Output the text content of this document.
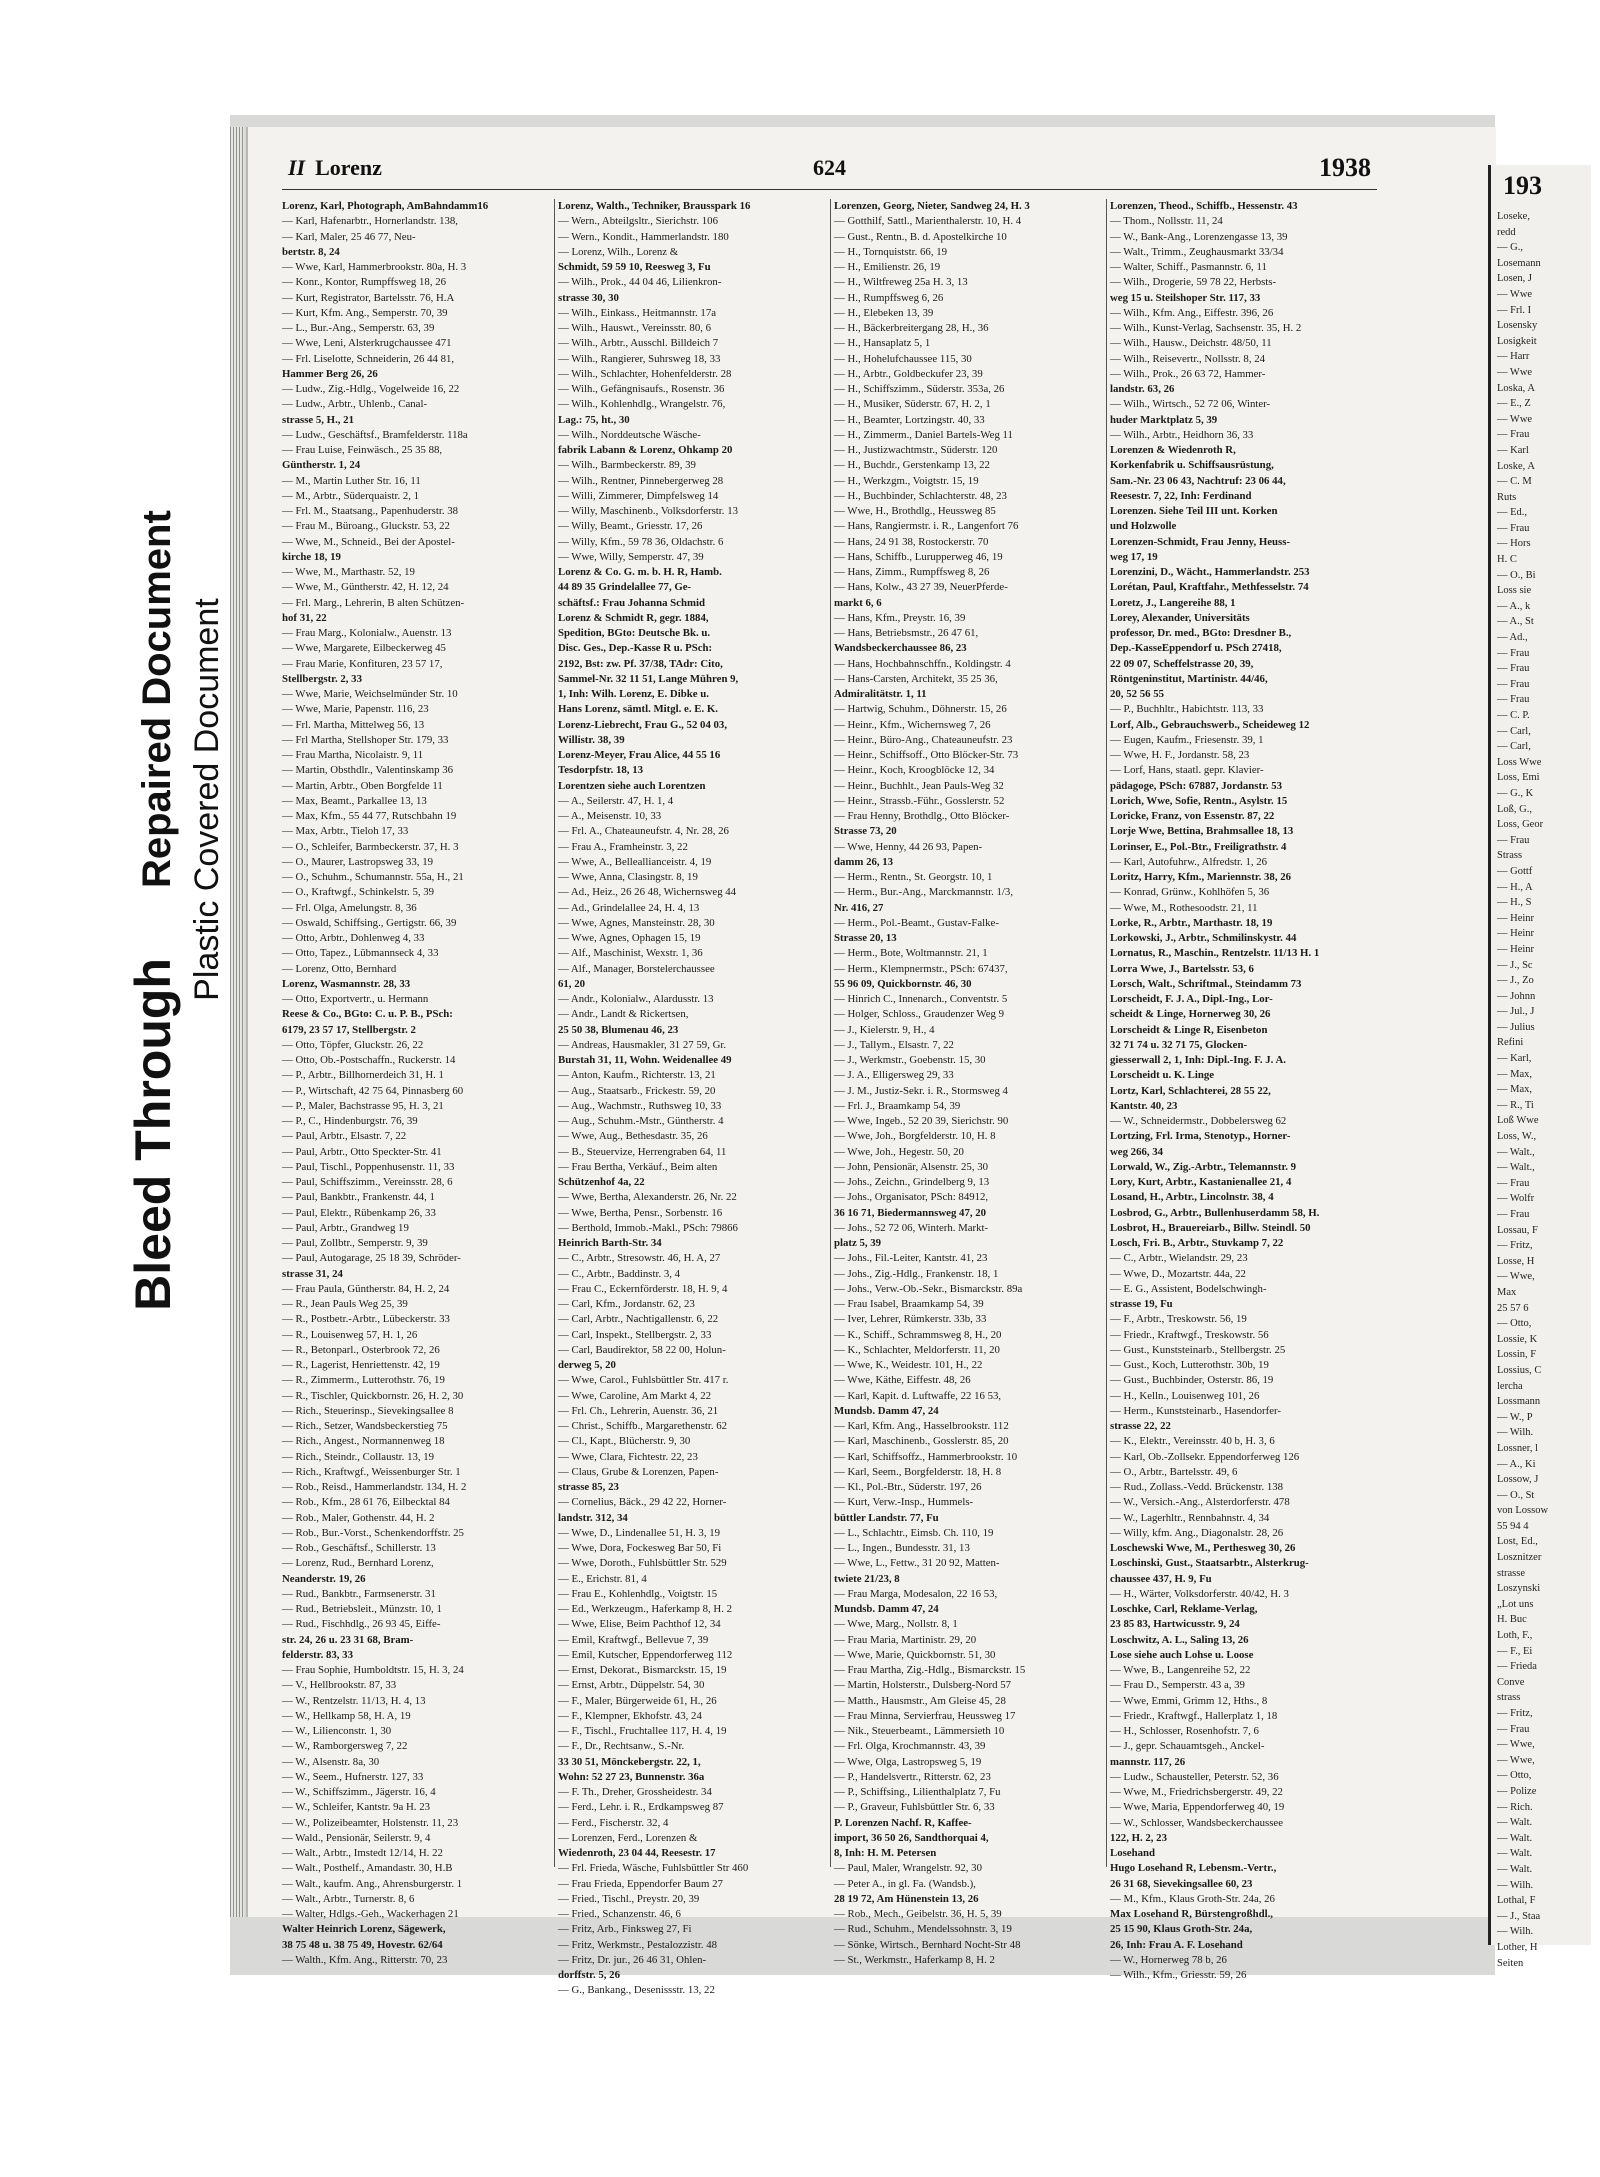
Bleed Through
Repaired Document Plastic Covered Document
II Lorenz	624	1938
Lorenz, Karl, Photograph, AmBahndamm16
— Karl, Hafenarbtr., Hornerlandstr. 138,
— Karl, Maler, 25 46 77, Neu-
bertstr. 8, 24
— Wwe, Karl, Hammerbrookstr. 80a, H. 3
— Konr., Kontor, Rumpffsweg 18, 26
— Kurt, Registrator, Bartelsstr. 76, H.A
— Kurt, Kfm. Ang., Semperstr. 70, 39
— L., Bur.-Ang., Semperstr. 63, 39
— Wwe, Leni, Alsterkrugchaussee 471
— Frl. Liselotte, Schneiderin, 26 44 81,
Hammer Berg 26, 26
— Ludw., Zig.-Hdlg., Vogelweide 16, 22
— Ludw., Arbtr., Uhlenb., Canal-
strasse 5, H., 21
— Ludw., Geschäftsf., Bramfelderstr. 118a
— Frau Luise, Feinwäsch., 25 35 88,
Güntherstr. 1, 24
— M., Martin Luther Str. 16, 11
— M., Arbtr., Süderquaistr. 2, 1
— Frl. M., Staatsang., Papenhuderstr. 38
— Frau M., Büroang., Gluckstr. 53, 22
— Wwe, M., Schneid., Bei der Apostel-
kirche 18, 19
— Wwe, M., Marthastr. 52, 19
— Wwe, M., Güntherstr. 42, H. 12, 24
— Frl. Marg., Lehrerin, B alten Schützen-
hof 31, 22
— Frau Marg., Kolonialw., Auenstr. 13
— Wwe, Margarete, Eilbeckerweg 45
— Frau Marie, Konfituren, 23 57 17,
Stellbergstr. 2, 33
— Wwe, Marie, Weichselmünder Str. 10
— Wwe, Marie, Papenstr. 116, 23
— Frl. Martha, Mittelweg 56, 13
— Frl Martha, Stellshoper Str. 179, 33
— Frau Martha, Nicolaistr. 9, 11
— Martin, Obsthdlr., Valentinskamp 36
— Martin, Arbtr., Oben Borgfelde 11
— Max, Beamt., Parkallee 13, 13
— Max, Kfm., 55 44 77, Rutschbahn 19
— Max, Arbtr., Tieloh 17, 33
— O., Schleifer, Barmbeckerstr. 37, H. 3
— O., Maurer, Lastropsweg 33, 19
— O., Schuhm., Schumannstr. 55a, H., 21
— O., Kraftwgf., Schinkelstr. 5, 39
— Frl. Olga, Amelungstr. 8, 36
— Oswald, Schiffsing., Gertigstr. 66, 39
— Otto, Arbtr., Dohlenweg 4, 33
— Otto, Tapez., Lübmannseck 4, 33
— Lorenz, Otto, Bernhard
Lorenz, Wasmannstr. 28, 33
— Otto, Exportvertr., u. Hermann
Reese & Co., BGto: C. u. P. B., PSch:
6179, 23 57 17, Stellbergstr. 2
— Otto, Töpfer, Gluckstr. 26, 22
— Otto, Ob.-Postschaffn., Ruckerstr. 14
— P., Arbtr., Billhornerdeich 31, H. 1
— P., Wirtschaft, 42 75 64, Pinnasberg 60
— P., Maler, Bachstrasse 95, H. 3, 21
— P., C., Hindenburgstr. 76, 39
— Paul, Arbtr., Elsastr. 7, 22
— Paul, Arbtr., Otto Speckter-Str. 41
— Paul, Tischl., Poppenhusenstr. 11, 33
— Paul, Schiffszimm., Vereinsstr. 28, 6
— Paul, Bankbtr., Frankenstr. 44, 1
— Paul, Elektr., Rübenkamp 26, 33
— Paul, Arbtr., Grandweg 19
— Paul, Zollbtr., Semperstr. 9, 39
— Paul, Autogarage, 25 18 39, Schröder-
strasse 31, 24
— Frau Paula, Güntherstr. 84, H. 2, 24
— R., Jean Pauls Weg 25, 39
— R., Postbetr.-Arbtr., Lübeckerstr. 33
— R., Louisenweg 57, H. 1, 26
— R., Betonparl., Osterbrook 72, 26
— R., Lagerist, Henriettenstr. 42, 19
— R., Zimmerm., Lutterothstr. 76, 19
— R., Tischler, Quickbornstr. 26, H. 2, 30
— Rich., Steuerinsp., Sievekingsallee 8
— Rich., Setzer, Wandsbeckerstieg 75
— Rich., Angest., Normannenweg 18
— Rich., Steindr., Collaustr. 13, 19
— Rich., Kraftwgf., Weissenburger Str. 1
— Rob., Reisd., Hammerlandstr. 134, H. 2
— Rob., Kfm., 28 61 76, Eilbecktal 84
— Rob., Maler, Gothenstr. 44, H. 2
— Rob., Bur.-Vorst., Schenkendorffstr. 25
— Rob., Geschäftsf., Schillerstr. 13
— Lorenz, Rud., Bernhard Lorenz,
Neanderstr. 19, 26
— Rud., Bankbtr., Farmsenerstr. 31
— Rud., Betriebsleit., Münzstr. 10, 1
— Rud., Fischhdlg., 26 93 45, Eiffe-
str. 24, 26 u. 23 31 68, Bram-
felderstr. 83, 33
— Frau Sophie, Humboldtstr. 15, H. 3, 24
— V., Hellbrookstr. 87, 33
— W., Rentzelstr. 11/13, H. 4, 13
— W., Hellkamp 58, H. A, 19
— W., Lilienconstr. 1, 30
— W., Ramborgersweg 7, 22
— W., Alsenstr. 8a, 30
— W., Seem., Hufnerstr. 127, 33
— W., Schiffszimm., Jägerstr. 16, 4
— W., Schleifer, Kantstr. 9a H. 23
— W., Polizeibeamter, Holstenstr. 11, 23
— Wald., Pensionär, Seilerstr. 9, 4
— Walt., Arbtr., Imstedt 12/14, H. 22
— Walt., Posthelf., Amandastr. 30, H.B
— Walt., kaufm. Ang., Ahrensburgerstr. 1
— Walt., Arbtr., Turnerstr. 8, 6
— Walter, Hdlgs.-Geh., Wackerhagen 21
Walter Heinrich Lorenz, Sägewerk,
38 75 48 u. 38 75 49, Hovestr. 62/64
— Walth., Kfm. Ang., Ritterstr. 70, 23
Lorenz, Walth., Techniker, Brausspark 16
— Wern., Abteilgsltr., Sierichstr. 106
— Wern., Kondit., Hammerlandstr. 180
— Lorenz, Wilh., Lorenz &
Schmidt, 59 59 10, Reesweg 3, Fu
— Wilh., Prok., 44 04 46, Lilienkron-
strasse 30, 30
— Wilh., Einkass., Heitmannstr. 17a
— Wilh., Hauswt., Vereinsstr. 80, 6
— Wilh., Arbtr., Ausschl. Billdeich 7
— Wilh., Rangierer, Suhrsweg 18, 33
— Wilh., Schlachter, Hohenfelderstr. 28
— Wilh., Gefängnisaufs., Rosenstr. 36
— Wilh., Kohlenhdlg., Wrangelstr. 76,
Lag.: 75, ht., 30
— Wilh., Norddeutsche Wäsche-
fabrik Labann & Lorenz, Ohkamp 20
— Wilh., Barmbeckerstr. 89, 39
— Wilh., Rentner, Pinnebergerweg 28
— Willi, Zimmerer, Dimpfelsweg 14
— Willy, Maschinenb., Volksdorferstr. 13
— Willy, Beamt., Griesstr. 17, 26
— Willy, Kfm., 59 78 36, Oldachstr. 6
— Wwe, Willy, Semperstr. 47, 39
Lorenz & Co. G. m. b. H. R, Hamb.
44 89 35 Grindelallee 77, Ge-
schäftsf.: Frau Johanna Schmid
Lorenz & Schmidt R, gegr. 1884,
Spedition, BGto: Deutsche Bk. u.
Disc. Ges., Dep.-Kasse R u. PSch:
2192, Bst: zw. Pf. 37/38, TAdr: Cito,
Sammel-Nr. 32 11 51, Lange Mühren 9,
1, Inh: Wilh. Lorenz, E. Dibke u.
Hans Lorenz, sämtl. Mitgl. e. E. K.
Lorenz-Liebrecht, Frau G., 52 04 03,
Willistr. 38, 39
Lorenz-Meyer, Frau Alice, 44 55 16
Tesdorpfstr. 18, 13
Lorentzen siehe auch Lorentzen
— A., Seilerstr. 47, H. 1, 4
— A., Meisenstr. 10, 33
— Frl. A., Chateauneufstr. 4, Nr. 28, 26
— Frau A., Framheinstr. 3, 22
— Wwe, A., Belleallianceistr. 4, 19
— Wwe, Anna, Clasingstr. 8, 19
— Ad., Heiz., 26 26 48, Wichernsweg 44
— Ad., Grindelallee 24, H. 4, 13
— Wwe, Agnes, Mansteinstr. 28, 30
— Wwe, Agnes, Ophagen 15, 19
— Alf., Maschinist, Wexstr. 1, 36
— Alf., Manager, Borstelerchaussee
61, 20
— Andr., Kolonialw., Alardusstr. 13
— Andr., Landt & Rickertsen,
25 50 38, Blumenau 46, 23
— Andreas, Hausmakler, 31 27 59, Gr.
Burstah 31, 11, Wohn. Weidenallee 49
— Anton, Kaufm., Richterstr. 13, 21
— Aug., Staatsarb., Frickestr. 59, 20
— Aug., Wachmstr., Ruthsweg 10, 33
— Aug., Schuhm.-Mstr., Güntherstr. 4
— Wwe, Aug., Bethesdastr. 35, 26
— B., Steuervize, Herrengraben 64, 11
— Frau Bertha, Verkäuf., Beim alten
Schützenhof 4a, 22
— Wwe, Bertha, Alexanderstr. 26, Nr. 22
— Wwe, Bertha, Pensr., Sorbenstr. 16
— Berthold, Immob.-Makl., PSch: 79866
Heinrich Barth-Str. 34
— C., Arbtr., Stresowstr. 46, H. A, 27
— C., Arbtr., Baddinstr. 3, 4
— Frau C., Eckernförderstr. 18, H. 9, 4
— Carl, Kfm., Jordanstr. 62, 23
— Carl, Arbtr., Nachtigallenstr. 6, 22
— Carl, Inspekt., Stellbergstr. 2, 33
— Carl, Baudirektor, 58 22 00, Holun-
derweg 5, 20
— Wwe, Carol., Fuhlsbüttler Str. 417 r.
— Wwe, Caroline, Am Markt 4, 22
— Frl. Ch., Lehrerin, Auenstr. 36, 21
— Christ., Schiffb., Margarethenstr. 62
— Cl., Kapt., Blücherstr. 9, 30
— Wwe, Clara, Fichtestr. 22, 23
— Claus, Grube & Lorenzen, Papen-
strasse 85, 23
— Cornelius, Bäck., 29 42 22, Horner-
landstr. 312, 34
— Wwe, D., Lindenallee 51, H. 3, 19
— Wwe, Dora, Fockesweg Bar 50, Fi
— Wwe, Doroth., Fuhlsbüttler Str. 529
— E., Erichstr. 81, 4
— Frau E., Kohlenhdlg., Voigtstr. 15
— Ed., Werkzeugm., Haferkamp 8, H. 2
— Wwe, Elise, Beim Pachthof 12, 34
— Emil, Kraftwgf., Bellevue 7, 39
— Emil, Kutscher, Eppendorferweg 112
— Ernst, Dekorat., Bismarckstr. 15, 19
— Ernst, Arbtr., Düppelstr. 54, 30
— F., Maler, Bürgerweide 61, H., 26
— F., Klempner, Ekhofstr. 43, 24
— F., Tischl., Fruchtallee 117, H. 4, 19
— F., Dr., Rechtsanw., S.-Nr.
33 30 51, Mönckebergstr. 22, 1,
Wohn: 52 27 23, Bunnenstr. 36a
— F. Th., Dreher, Grossheidestr. 34
— Ferd., Lehr. i. R., Erdkampsweg 87
— Ferd., Fischerstr. 32, 4
— Lorenzen, Ferd., Lorenzen &
Wiedenroth, 23 04 44, Reesestr. 17
— Frl. Frieda, Wäsche, Fuhlsbüttler Str 460
— Frau Frieda, Eppendorfer Baum 27
— Fried., Tischl., Preystr. 20, 39
— Fried., Schanzenstr. 46, 6
— Fritz, Arb., Finksweg 27, Fi
— Fritz, Werkmstr., Pestalozzistr. 48
— Fritz, Dr. jur., 26 46 31, Ohlen-
dorffstr. 5, 26
— G., Bankang., Desenissstr. 13, 22
Lorenzen, Georg, Nieter, Sandweg 24, H. 3
— Gotthilf, Sattl., Marienthalerstr. 10, H. 4
— Gust., Rentn., B. d. Apostelkirche 10
— H., Tornquiststr. 66, 19
— H., Emilienstr. 26, 19
— H., Wiltfreweg 25a H. 3, 13
— H., Rumpffsweg 6, 26
— H., Elebeken 13, 39
— H., Bäckerbreitergang 28, H., 36
— H., Hansaplatz 5, 1
— H., Hohelufchaussee 115, 30
— H., Arbtr., Goldbeckufer 23, 39
— H., Schiffszimm., Süderstr. 353a, 26
— H., Musiker, Süderstr. 67, H. 2, 1
— H., Beamter, Lortzingstr. 40, 33
— H., Zimmerm., Daniel Bartels-Weg 11
— H., Justizwachtmstr., Süderstr. 120
— H., Buchdr., Gerstenkamp 13, 22
— H., Werkzgm., Voigtstr. 15, 19
— H., Buchbinder, Schlachterstr. 48, 23
— Wwe, H., Brothdlg., Heussweg 85
— Hans, Rangiermstr. i. R., Langenfort 76
— Hans, 24 91 38, Rostockerstr. 70
— Hans, Schiffb., Lurupperweg 46, 19
— Hans, Zimm., Rumpffsweg 8, 26
— Hans, Kolw., 43 27 39, NeuerPferde-
markt 6, 6
— Hans, Kfm., Preystr. 16, 39
— Hans, Betriebsmstr., 26 47 61,
Wandsbeckerchaussee 86, 23
— Hans, Hochbahnschffn., Koldingstr. 4
— Hans-Carsten, Architekt, 35 25 36,
Admiralitätstr. 1, 11
— Hartwig, Schuhm., Döhnerstr. 15, 26
— Heinr., Kfm., Wichernsweg 7, 26
— Heinr., Büro-Ang., Chateauneufstr. 23
— Heinr., Schiffsoff., Otto Blöcker-Str. 73
— Heinr., Koch, Kroogblöcke 12, 34
— Heinr., Buchhlt., Jean Pauls-Weg 32
— Heinr., Strassb.-Führ., Gosslerstr. 52
— Frau Henny, Brothdlg., Otto Blöcker-
Strasse 73, 20
— Wwe, Henny, 44 26 93, Papen-
damm 26, 13
— Herm., Rentn., St. Georgstr. 10, 1
— Herm., Bur.-Ang., Marckmannstr. 1/3,
Nr. 416, 27
— Herm., Pol.-Beamt., Gustav-Falke-
Strasse 20, 13
— Herm., Bote, Woltmannstr. 21, 1
— Herm., Klempnermstr., PSch: 67437,
55 96 09, Quickbornstr. 46, 30
— Hinrich C., Innenarch., Conventstr. 5
— Holger, Schloss., Graudenzer Weg 9
— J., Kielerstr. 9, H., 4
— J., Tallym., Elsastr. 7, 22
— J., Werkmstr., Goebenstr. 15, 30
— J. A., Elligersweg 29, 33
— J. M., Justiz-Sekr. i. R., Stormsweg 4
— Frl. J., Braamkamp 54, 39
— Wwe, Ingeb., 52 20 39, Sierichstr. 90
— Wwe, Joh., Borgfelderstr. 10, H. 8
— Wwe, Joh., Hegestr. 50, 20
— John, Pensionär, Alsenstr. 25, 30
— Johs., Zeichn., Grindelberg 9, 13
— Johs., Organisator, PSch: 84912,
36 16 71, Biedermannsweg 47, 20
— Johs., 52 72 06, Winterh. Markt-
platz 5, 39
— Johs., Fil.-Leiter, Kantstr. 41, 23
— Johs., Zig.-Hdlg., Frankenstr. 18, 1
— Johs., Verw.-Ob.-Sekr., Bismarckstr. 89a
— Frau Isabel, Braamkamp 54, 39
— Iver, Lehrer, Rümkerstr. 33b, 33
— K., Schiff., Schrammsweg 8, H., 20
— K., Schlachter, Meldorferstr. 11, 20
— Wwe, K., Weidestr. 101, H., 22
— Wwe, Käthe, Eiffestr. 48, 26
— Karl, Kapit. d. Luftwaffe, 22 16 53,
Mundsb. Damm 47, 24
— Karl, Kfm. Ang., Hasselbrookstr. 112
— Karl, Maschinenb., Gosslerstr. 85, 20
— Karl, Schiffsoffz., Hammerbrookstr. 10
— Karl, Seem., Borgfelderstr. 18, H. 8
— Kl., Pol.-Btr., Süderstr. 197, 26
— Kurt, Verw.-Insp., Hummels-
büttler Landstr. 77, Fu
— L., Schlachtr., Eimsb. Ch. 110, 19
— L., Ingen., Bundesstr. 31, 13
— Wwe, L., Fettw., 31 20 92, Matten-
twiete 21/23, 8
— Frau Marga, Modesalon, 22 16 53,
Mundsb. Damm 47, 24
— Wwe, Marg., Nollstr. 8, 1
— Frau Maria, Martinistr. 29, 20
— Wwe, Marie, Quickbornstr. 51, 30
— Frau Martha, Zig.-Hdlg., Bismarckstr. 15
— Martin, Holsterstr., Dulsberg-Nord 57
— Matth., Hausmstr., Am Gleise 45, 28
— Frau Minna, Servierfrau, Heussweg 17
— Nik., Steuerbeamt., Lämmersieth 10
— Frl. Olga, Krochmannstr. 43, 39
— Wwe, Olga, Lastropsweg 5, 19
— P., Handelsvertr., Ritterstr. 62, 23
— P., Schiffsing., Lilienthalplatz 7, Fu
— P., Graveur, Fuhlsbüttler Str. 6, 33
P. Lorenzen Nachf. R, Kaffee-
import, 36 50 26, Sandthorquai 4,
8, Inh: H. M. Petersen
— Paul, Maler, Wrangelstr. 92, 30
— Peter A., in gl. Fa. (Wandsb.),
28 19 72, Am Hünenstein 13, 26
— Rob., Mech., Geibelstr. 36, H. 5, 39
— Rud., Schuhm., Mendelssohnstr. 3, 19
— Sönke, Wirtsch., Bernhard Nocht-Str 48
— St., Werkmstr., Haferkamp 8, H. 2
Lorenzen, Theod., Schiffb., Hessenstr. 43
— Thom., Nollsstr. 11, 24
— W., Bank-Ang., Lorenzengasse 13, 39
— Walt., Trimm., Zeughausmarkt 33/34
— Walter, Schiff., Pasmannstr. 6, 11
— Wilh., Drogerie, 59 78 22, Herbsts-
weg 15 u. Steilshoper Str. 117, 33
— Wilh., Kfm. Ang., Eiffestr. 396, 26
— Wilh., Kunst-Verlag, Sachsenstr. 35, H. 2
— Wilh., Hausw., Deichstr. 48/50, 11
— Wilh., Reisevertr., Nollsstr. 8, 24
— Wilh., Prok., 26 63 72, Hammer-
landstr. 63, 26
— Wilh., Wirtsch., 52 72 06, Winter-
huder Marktplatz 5, 39
— Wilh., Arbtr., Heidhorn 36, 33
Lorenzen & Wiedenroth R,
Korkenfabrik u. Schiffsausrüstung,
Sam.-Nr. 23 06 43, Nachtruf: 23 06 44,
Reesestr. 7, 22, Inh: Ferdinand
Lorenzen. Siehe Teil III unt. Korken
und Holzwolle
Lorenzen-Schmidt, Frau Jenny, Heuss-
weg 17, 19
Lorenzini, D., Wächt., Hammerlandstr. 253
Lorétan, Paul, Kraftfahr., Methfesselstr. 74
Loretz, J., Langereihe 88, 1
Lorey, Alexander, Universitäts
professor, Dr. med., BGto: Dresdner B.,
Dep.-KasseEppendorf u. PSch 27418,
22 09 07, Scheffelstrasse 20, 39,
Röntgeninstitut, Martinistr. 44/46,
20, 52 56 55
— P., Buchhltr., Habichtstr. 113, 33
Lorf, Alb., Gebrauchswerb., Scheideweg 12
— Eugen, Kaufm., Friesenstr. 39, 1
— Wwe, H. F., Jordanstr. 58, 23
— Lorf, Hans, staatl. gepr. Klavier-
pädagoge, PSch: 67887, Jordanstr. 53
Lorich, Wwe, Sofie, Rentn., Asylstr. 15
Loricke, Franz, von Essenstr. 87, 22
Lorje Wwe, Bettina, Brahmsallee 18, 13
Lorinser, E., Pol.-Btr., Freiligrathstr. 4
— Karl, Autofuhrw., Alfredstr. 1, 26
Loritz, Harry, Kfm., Mariennstr. 38, 26
— Konrad, Grünw., Kohlhöfen 5, 36
— Wwe, M., Rothesoodstr. 21, 11
Lorke, R., Arbtr., Marthastr. 18, 19
Lorkowski, J., Arbtr., Schmilinskystr. 44
Lornatus, R., Maschin., Rentzelstr. 11/13 H. 1
Lorra Wwe, J., Bartelsstr. 53, 6
Lorsch, Walt., Schriftmal., Steindamm 73
Lorscheidt, F. J. A., Dipl.-Ing., Lor-
scheidt & Linge, Hornerweg 30, 26
Lorscheidt & Linge R, Eisenbeton
32 71 74 u. 32 71 75, Glocken-
giesserwall 2, 1, Inh: Dipl.-Ing. F. J. A.
Lorscheidt u. K. Linge
Lortz, Karl, Schlachterei, 28 55 22,
Kantstr. 40, 23
— W., Schneidermstr., Dobbelersweg 62
Lortzing, Frl. Irma, Stenotyp., Horner-
weg 266, 34
Lorwald, W., Zig.-Arbtr., Telemannstr. 9
Lory, Kurt, Arbtr., Kastanienallee 21, 4
Losand, H., Arbtr., Lincolnstr. 38, 4
Losbrod, G., Arbtr., Bullenhuserdamm 58, H.
Losbrot, H., Brauereiarb., Billw. Steindl. 50
Losch, Fri. B., Arbtr., Stuvkamp 7, 22
— C., Arbtr., Wielandstr. 29, 23
— Wwe, D., Mozartstr. 44a, 22
— E. G., Assistent, Bodelschwingh-
strasse 19, Fu
— F., Arbtr., Treskowstr. 56, 19
— Friedr., Kraftwgf., Treskowstr. 56
— Gust., Kunststeinarb., Stellbergstr. 25
— Gust., Koch, Lutterothstr. 30b, 19
— Gust., Buchbinder, Osterstr. 86, 19
— H., Kelln., Louisenweg 101, 26
— Herm., Kunststeinarb., Hasendorfer-
strasse 22, 22
— K., Elektr., Vereinsstr. 40 b, H. 3, 6
— Karl, Ob.-Zollsekr. Eppendorferweg 126
— O., Arbtr., Bartelsstr. 49, 6
— Rud., Zollass.-Vedd. Brückenstr. 138
— W., Versich.-Ang., Alsterdorferstr. 478
— W., Lagerhltr., Rennbahnstr. 4, 34
— Willy, kfm. Ang., Diagonalstr. 28, 26
Loschewski Wwe, M., Perthesweg 30, 26
Loschinski, Gust., Staatsarbtr., Alsterkrug-
chaussee 437, H. 9, Fu
— H., Wärter, Volksdorferstr. 40/42, H. 3
Loschke, Carl, Reklame-Verlag,
23 85 83, Hartwicusstr. 9, 24
Loschwitz, A. L., Saling 13, 26
Lose siehe auch Lohse u. Loose
— Wwe, B., Langenreihe 52, 22
— Frau D., Semperstr. 43 a, 39
— Wwe, Emmi, Grimm 12, Hths., 8
— Friedr., Kraftwgf., Hallerplatz 1, 18
— H., Schlosser, Rosenhofstr. 7, 6
— J., gepr. Schauamtsgeh., Anckel-
mannstr. 117, 26
— Ludw., Schausteller, Peterstr. 52, 36
— Wwe, M., Friedrichsbergerstr. 49, 22
— Wwe, Maria, Eppendorferweg 40, 19
— W., Schlosser, Wandsbeckerchaussee
122, H. 2, 23
Losehand
Hugo Losehand R, Lebensm.-Vertr.,
26 31 68, Sievekingsallee 60, 23
— M., Kfm., Klaus Groth-Str. 24a, 26
Max Losehand R, Bürstengroßhdl.,
25 15 90, Klaus Groth-Str. 24a,
26, Inh: Frau A. F. Losehand
— W., Hornerweg 78 b, 26
— Wilh., Kfm., Griesstr. 59, 26
193
Loseke,
redd
— G.,
Losemann
Losen, J
— Wwe
— Frl. I
Losensky
Losigkeit
— Harr
— Wwe
Loska, A
— E., Z
— Wwe
— Frau
— Karl
Loske, A
— C. M
Ruts
— Ed.,
— Frau
— Hors
H. C
— O., Bi
Loss sie
— A., k
— A., St
— Ad.,
— Frau
— Frau
— Frau
— Frau
— C. P.
— Carl,
— Carl,
Loss Wwe
Loss, Emi
— G., K
Loß, G.,
Loss, Geor
— Frau
Strass
— Gottf
— H., A
— H., S
— Heinr
— Heinr
— Heinr
— J., Sc
— J., Zo
— Johnn
— Jul., J
— Julius
Refini
— Karl,
— Max,
— Max,
— R., Ti
Loß Wwe
Loss, W.,
— Walt.,
— Walt.,
— Frau
— Wolfr
— Frau
Lossau, F
— Fritz,
Losse, H
— Wwe,
Max
25 57 6
— Otto,
Lossie, K
Lossin, F
Lossius, C
lercha
Lossmann
— W., P
— Wilh.
Lossner, l
— A., Ki
Lossow, J
— O., St
von Lossow
55 94 4
Lost, Ed.,
Losznitzer
strasse
Loszynski
„Lot uns
H. Buc
Loth, F.,
— F., Ei
— Frieda
Conve
strass
— Fritz,
— Frau
— Wwe,
— Wwe,
— Otto,
— Polize
— Rich.
— Walt.
— Walt.
— Walt.
— Walt.
— Wilh.
Lothal, F
— J., Staa
— Wilh.
Lother, H
Seiten
